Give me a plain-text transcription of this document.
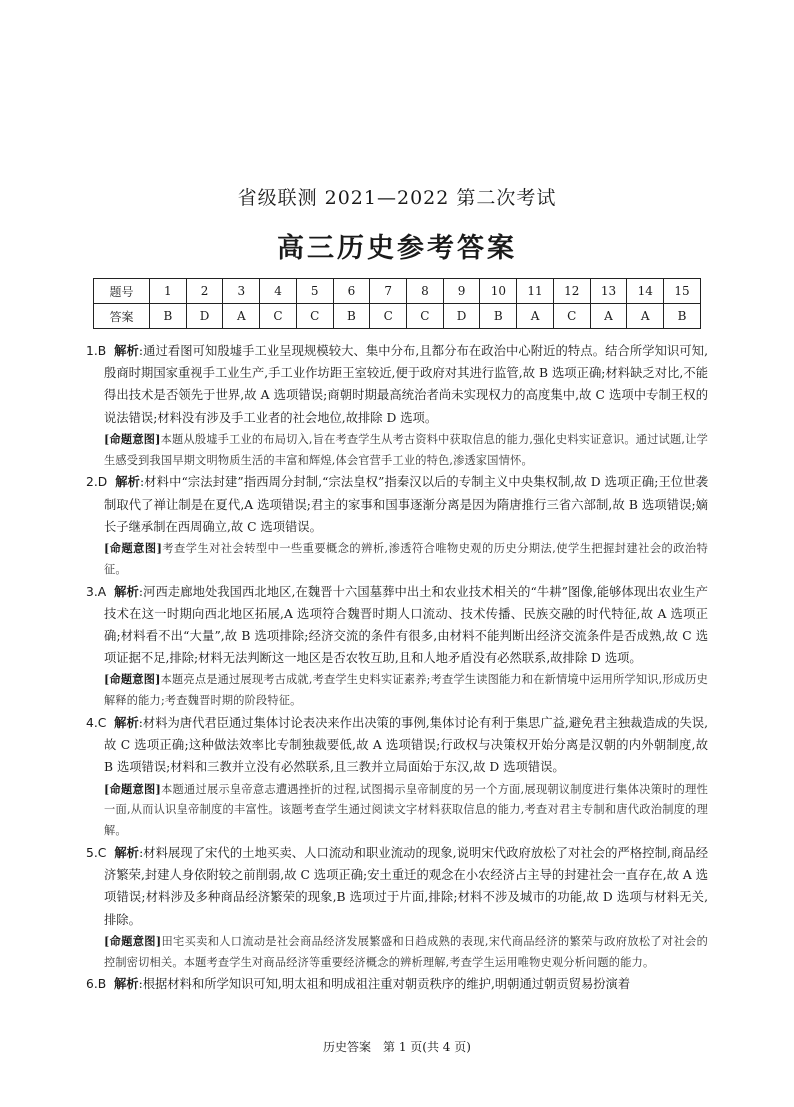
省级联测 2021—2022 第二次考试
高三历史参考答案
题号	1	2	3	4	5	6	7	8	9	10	11	12	13	14	15
答案	B	D	A	C	C	B	C	C	D	B	A	C	A	A	B

1.B 解析:通过看图可知殷墟手工业呈现规模较大、集中分布,且都分布在政治中心附近的特点。结合所学知识可知,殷商时期国家重视手工业生产,手工业作坊距王室较近,便于政府对其进行监管,故 B 选项正确;材料缺乏对比,不能得出技术是否领先于世界,故 A 选项错误;商朝时期最高统治者尚未实现权力的高度集中,故 C 选项中专制王权的说法错误;材料没有涉及手工业者的社会地位,故排除 D 选项。

[命题意图]本题从殷墟手工业的布局切入,旨在考查学生从考古资料中获取信息的能力,强化史料实证意识。通过试题,让学生感受到我国早期文明物质生活的丰富和辉煌,体会官营手工业的特色,渗透家国情怀。

2.D 解析:材料中“宗法封建”指西周分封制,“宗法皇权”指秦汉以后的专制主义中央集权制,故 D 选项正确;王位世袭制取代了禅让制是在夏代,A 选项错误;君主的家事和国事逐渐分离是因为隋唐推行三省六部制,故 B 选项错误;嫡长子继承制在西周确立,故 C 选项错误。

[命题意图]考查学生对社会转型中一些重要概念的辨析,渗透符合唯物史观的历史分期法,使学生把握封建社会的政治特征。

3.A 解析:河西走廊地处我国西北地区,在魏晋十六国墓葬中出土和农业技术相关的“牛耕”图像,能够体现出农业生产技术在这一时期向西北地区拓展,A 选项符合魏晋时期人口流动、技术传播、民族交融的时代特征,故 A 选项正确;材料看不出“大量”,故 B 选项排除;经济交流的条件有很多,由材料不能判断出经济交流条件是否成熟,故 C 选项证据不足,排除;材料无法判断这一地区是否农牧互助,且和人地矛盾没有必然联系,故排除 D 选项。

[命题意图]本题亮点是通过展现考古成就,考查学生史料实证素养;考查学生读图能力和在新情境中运用所学知识,形成历史解释的能力;考查魏晋时期的阶段特征。

4.C 解析:材料为唐代君臣通过集体讨论表决来作出决策的事例,集体讨论有利于集思广益,避免君主独裁造成的失误,故 C 选项正确;这种做法效率比专制独裁要低,故 A 选项错误;行政权与决策权开始分离是汉朝的内外朝制度,故 B 选项错误;材料和三教并立没有必然联系,且三教并立局面始于东汉,故 D 选项错误。

[命题意图]本题通过展示皇帝意志遭遇挫折的过程,试图揭示皇帝制度的另一个方面,展现朝议制度进行集体决策时的理性一面,从而认识皇帝制度的丰富性。该题考查学生通过阅读文字材料获取信息的能力,考查对君主专制和唐代政治制度的理解。

5.C 解析:材料展现了宋代的土地买卖、人口流动和职业流动的现象,说明宋代政府放松了对社会的严格控制,商品经济繁荣,封建人身依附较之前削弱,故 C 选项正确;安土重迁的观念在小农经济占主导的封建社会一直存在,故 A 选项错误;材料涉及多种商品经济繁荣的现象,B 选项过于片面,排除;材料不涉及城市的功能,故 D 选项与材料无关,排除。

[命题意图]田宅买卖和人口流动是社会商品经济发展繁盛和日趋成熟的表现,宋代商品经济的繁荣与政府放松了对社会的控制密切相关。本题考查学生对商品经济等重要经济概念的辨析理解,考查学生运用唯物史观分析问题的能力。

6.B 解析:根据材料和所学知识可知,明太祖和明成祖注重对朝贡秩序的维护,明朝通过朝贡贸易扮演着

历史答案　第 1 页(共 4 页)
